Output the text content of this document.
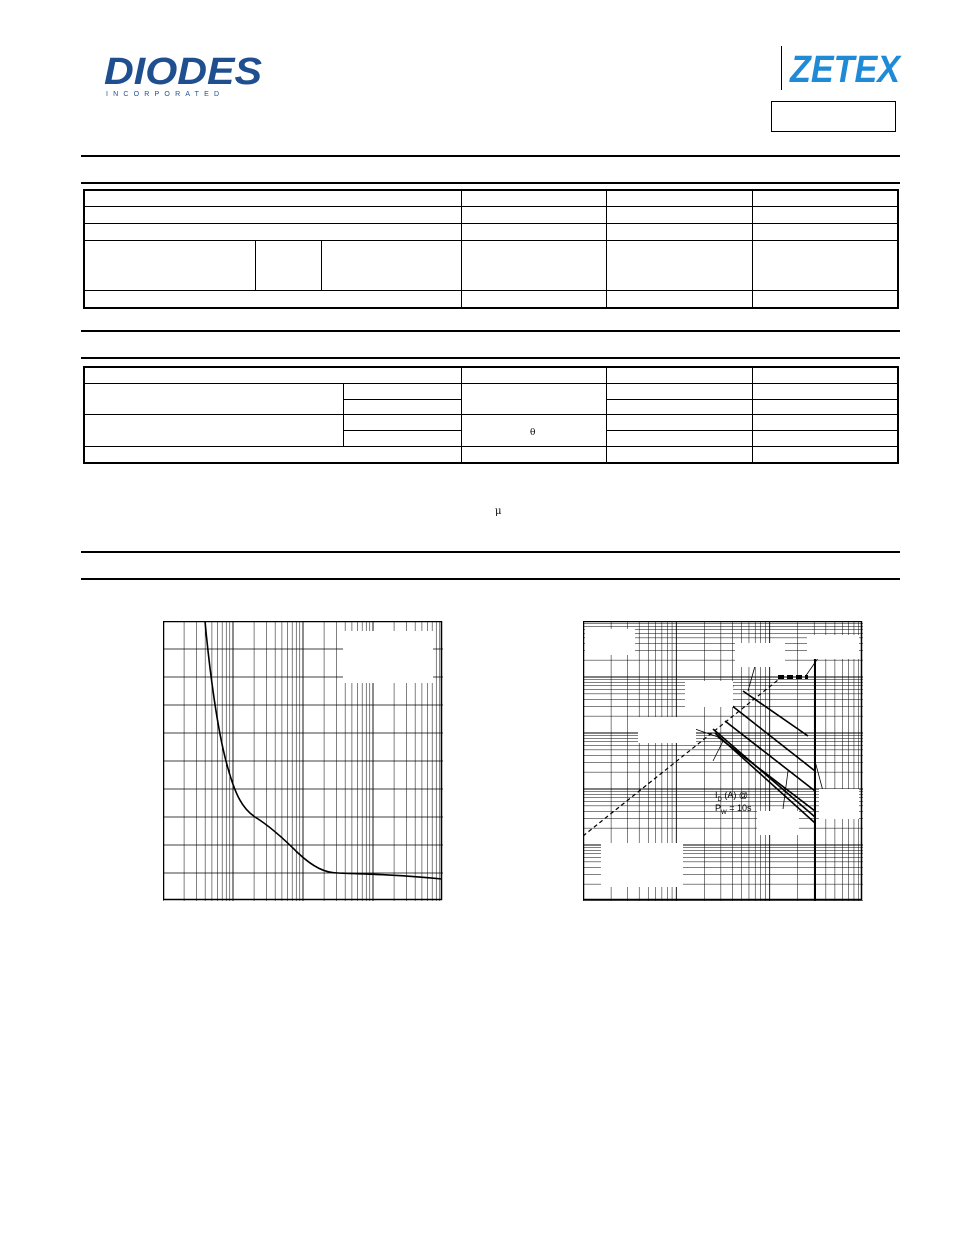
DIODES
INCORPORATED
ZETEX

θ
μ
$I_D$ (A) @ $P_W = 10s$
